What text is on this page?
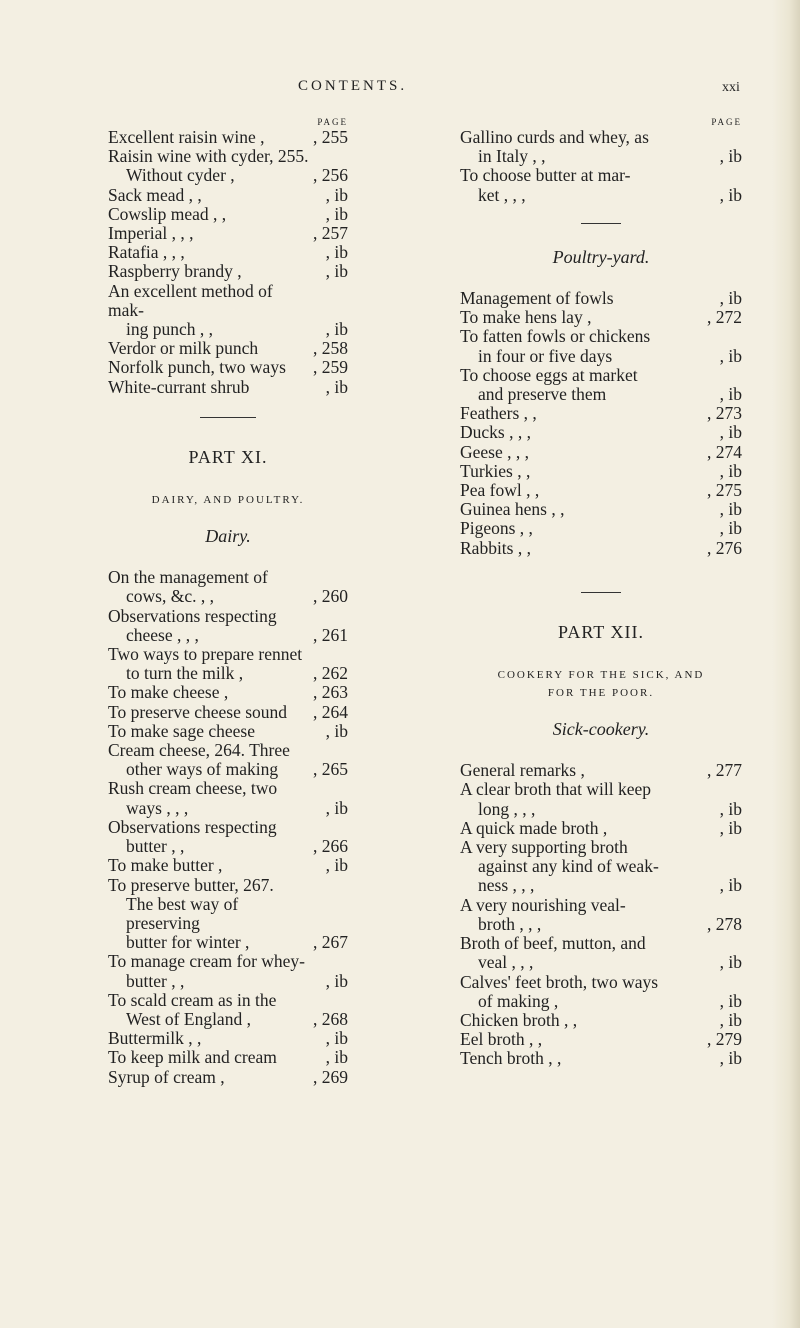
CONTENTS.	xxi
PAGE
Excellent raisin wine ,	, 255
Raisin wine with cyder, 255.
Without cyder ,	, 256
Sack mead , ,	, ib
Cowslip mead , ,	, ib
Imperial , , ,	, 257
Ratafia , , ,	, ib
Raspberry brandy ,	, ib
An excellent method of mak-
ing punch , ,	, ib
Verdor or milk punch	, 258
Norfolk punch, two ways	, 259
White-currant shrub	, ib
PART XI.
DAIRY, AND POULTRY.
Dairy.
On the management of
cows, &c. , ,	, 260
Observations respecting
cheese , , ,	, 261
Two ways to prepare rennet
to turn the milk ,	, 262
To make cheese ,	, 263
To preserve cheese sound	, 264
To make sage cheese	, ib
Cream cheese, 264. Three
other ways of making	, 265
Rush cream cheese, two
ways , , ,	, ib
Observations respecting
butter , ,	, 266
To make butter ,	, ib
To preserve butter, 267.
The best way of preserving
butter for winter ,	, 267
To manage cream for whey-
butter , ,	, ib
To scald cream as in the
West of England ,	, 268
Buttermilk , ,	, ib
To keep milk and cream	, ib
Syrup of cream ,	, 269
PAGE
Gallino curds and whey, as
in Italy , ,	, ib
To choose butter at mar-
ket , , ,	, ib
Poultry-yard.
Management of fowls	, ib
To make hens lay ,	, 272
To fatten fowls or chickens
in four or five days	, ib
To choose eggs at market
and preserve them	, ib
Feathers , ,	, 273
Ducks , , ,	, ib
Geese , , ,	, 274
Turkies , ,	, ib
Pea fowl , ,	, 275
Guinea hens , ,	, ib
Pigeons , ,	, ib
Rabbits , ,	, 276
PART XII.
COOKERY FOR THE SICK, AND
FOR THE POOR.
Sick-cookery.
General remarks ,	, 277
A clear broth that will keep
long , , ,	, ib
A quick made broth ,	, ib
A very supporting broth
against any kind of weak-
ness , , ,	, ib
A very nourishing veal-
broth , , ,	, 278
Broth of beef, mutton, and
veal , , ,	, ib
Calves' feet broth, two ways
of making ,	, ib
Chicken broth , ,	, ib
Eel broth , ,	, 279
Tench broth , ,	, ib
